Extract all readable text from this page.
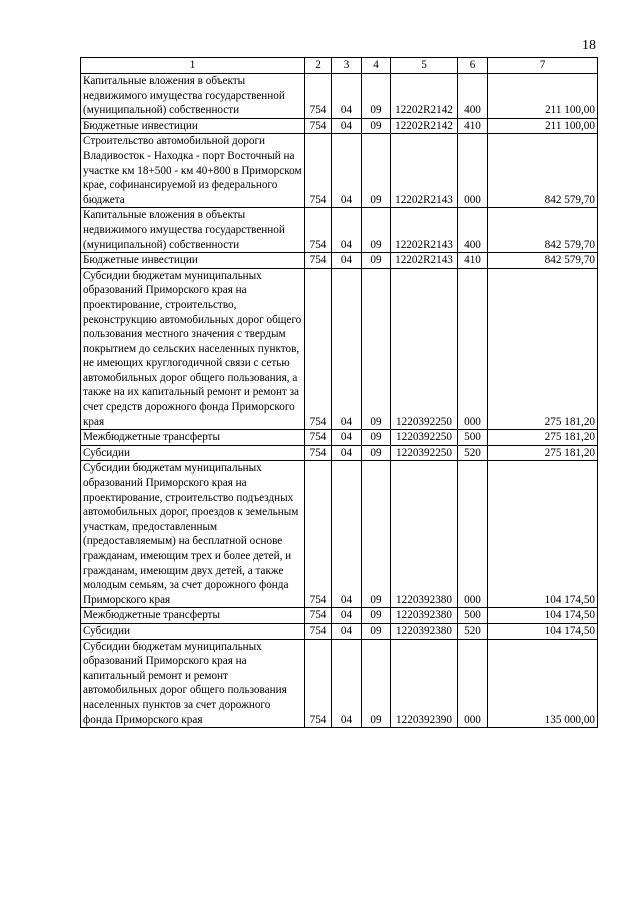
18
1	2	3	4	5	6	7
Капитальные вложения в объекты недвижимого имущества государственной (муниципальной) собственности	754	04	09	12202R2142	400	211 100,00
Бюджетные инвестиции	754	04	09	12202R2142	410	211 100,00
Строительство автомобильной дороги Владивосток - Находка - порт Восточный на участке км 18+500 - км 40+800 в Приморском крае, софинансируемой из федерального бюджета	754	04	09	12202R2143	000	842 579,70
Капитальные вложения в объекты недвижимого имущества государственной (муниципальной) собственности	754	04	09	12202R2143	400	842 579,70
Бюджетные инвестиции	754	04	09	12202R2143	410	842 579,70
Субсидии бюджетам муниципальных образований Приморского края на проектирование, строительство, реконструкцию автомобильных дорог общего пользования местного значения с твердым покрытием до сельских населенных пунктов, не имеющих круглогодичной связи с сетью автомобильных дорог общего пользования, а также на их капитальный ремонт и ремонт за счет средств дорожного фонда Приморского края	754	04	09	1220392250	000	275 181,20
Межбюджетные трансферты	754	04	09	1220392250	500	275 181,20
Субсидии	754	04	09	1220392250	520	275 181,20
Субсидии бюджетам муниципальных образований Приморского края на проектирование, строительство подъездных автомобильных дорог, проездов к земельным участкам, предоставленным (предоставляемым) на бесплатной основе гражданам, имеющим трех и более детей, и гражданам, имеющим двух детей, а также молодым семьям, за счет дорожного фонда Приморского края	754	04	09	1220392380	000	104 174,50
Межбюджетные трансферты	754	04	09	1220392380	500	104 174,50
Субсидии	754	04	09	1220392380	520	104 174,50
Субсидии бюджетам муниципальных образований Приморского края на капитальный ремонт и ремонт автомобильных дорог общего пользования населенных пунктов за счет дорожного фонда Приморского края	754	04	09	1220392390	000	135 000,00
